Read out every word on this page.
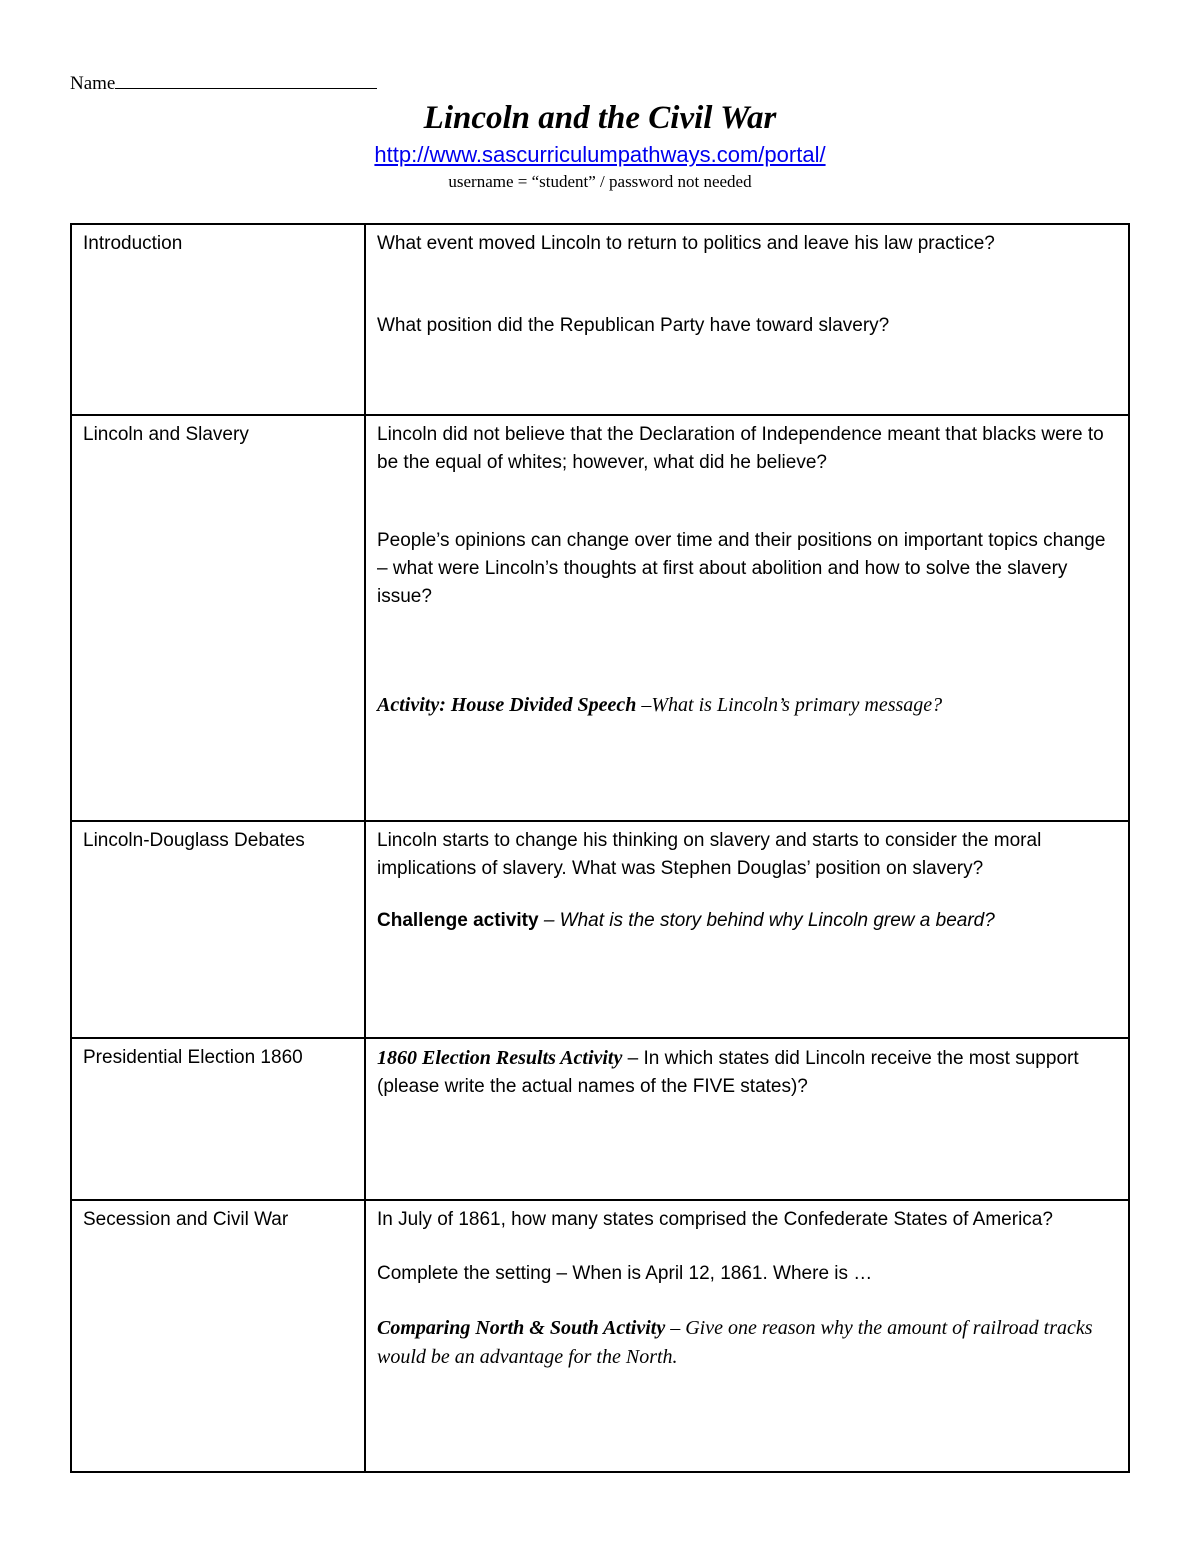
Name
Lincoln and the Civil War
http://www.sascurriculumpathways.com/portal/
username = “student” / password not needed
Introduction	What event moved Lincoln to return to politics and leave his law practice?

What position did the Republican Party have toward slavery?

Lincoln and Slavery	Lincoln did not believe that the Declaration of Independence meant that blacks were to be the equal of whites; however, what did he believe?

People’s opinions can change over time and their positions on important topics change – what were Lincoln’s thoughts at first about abolition and how to solve the slavery issue?

Activity: House Divided Speech –What is Lincoln’s primary message?

Lincoln-Douglass Debates	Lincoln starts to change his thinking on slavery and starts to consider the moral implications of slavery. What was Stephen Douglas’ position on slavery?

Challenge activity – What is the story behind why Lincoln grew a beard?

Presidential Election 1860	1860 Election Results Activity – In which states did Lincoln receive the most support (please write the actual names of the FIVE states)?

Secession and Civil War	In July of 1861, how many states comprised the Confederate States of America?

Complete the setting – When is April 12, 1861. Where is …

Comparing North & South Activity – Give one reason why the amount of railroad tracks would be an advantage for the North.
